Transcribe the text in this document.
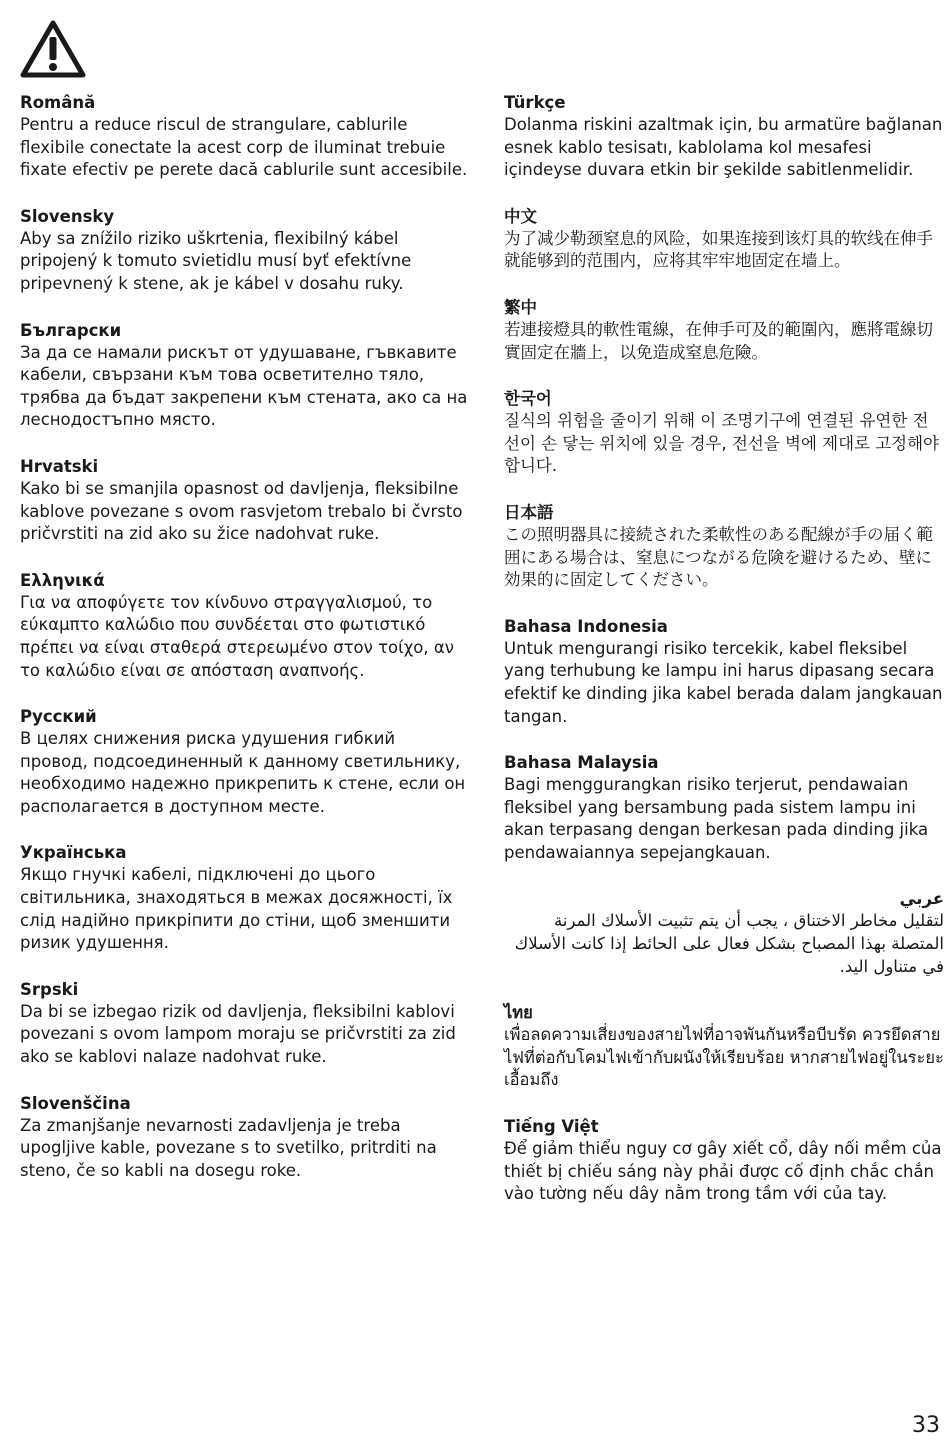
Română

Pentru a reduce riscul de strangulare, cablurile flexibile conectate la acest corp de iluminat trebuie fixate efectiv pe perete dacă cablurile sunt accesibile.

Slovensky

Aby sa znížilo riziko uškrtenia, flexibilný kábel pripojený k tomuto svietidlu musí byť efektívne pripevnený k stene, ak je kábel v dosahu ruky.

Български

За да се намали рискът от удушаване, гъвкавите кабели, свързани към това осветително тяло, трябва да бъдат закрепени към стената, ако са на леснодостъпно място.

Hrvatski

Kako bi se smanjila opasnost od davljenja, fleksibilne kablove povezane s ovom rasvjetom trebalo bi čvrsto pričvrstiti na zid ako su žice nadohvat ruke.

Ελληνικά

Για να αποφύγετε τον κίνδυνο στραγγαλισμού, το εύκαμπτο καλώδιο που συνδέεται στο φωτιστικό πρέπει να είναι σταθερά στερεωμένο στον τοίχο, αν το καλώδιο είναι σε απόσταση αναπνοής.

Русский

В целях снижения риска удушения гибкий провод, подсоединенный к данному светильнику, необходимо надежно прикрепить к стене, если он располагается в доступном месте.

Українська

Якщо гнучкі кабелі, підключені до цього світильника, знаходяться в межах досяжності, їх слід надійно прикріпити до стіни, щоб зменшити ризик удушення.

Srpski

Da bi se izbegao rizik od davljenja, fleksibilni kablovi povezani s ovom lampom moraju se pričvrstiti za zid ako se kablovi nalaze nadohvat ruke.

Slovenščina

Za zmanjšanje nevarnosti zadavljenja je treba upogljive kable, povezane s to svetilko, pritrditi na steno, če so kabli na dosegu roke.

Türkçe

Dolanma riskini azaltmak için, bu armatüre bağlanan esnek kablo tesisatı, kablolama kol mesafesi içindeyse duvara etkin bir şekilde sabitlenmelidir.

中文

为了减少勒颈窒息的风险，如果连接到该灯具的软线在伸手就能够到的范围内，应将其牢牢地固定在墙上。

繁中

若連接燈具的軟性電線，在伸手可及的範圍內，應將電線切實固定在牆上，以免造成窒息危險。

한국어

질식의 위험을 줄이기 위해 이 조명기구에 연결된 유연한 전선이 손 닿는 위치에 있을 경우, 전선을 벽에 제대로 고정해야 합니다.

日本語

この照明器具に接続された柔軟性のある配線が手の届く範囲にある場合は、窒息につながる危険を避けるため、壁に効果的に固定してください。

Bahasa Indonesia

Untuk mengurangi risiko tercekik, kabel fleksibel yang terhubung ke lampu ini harus dipasang secara efektif ke dinding jika kabel berada dalam jangkauan tangan.

Bahasa Malaysia

Bagi menggurangkan risiko terjerut, pendawaian fleksibel yang bersambung pada sistem lampu ini akan terpasang dengan berkesan pada dinding jika pendawaiannya sepejangkauan.

عربي

لتقليل مخاطر الاختناق ، يجب أن يتم تثبيت الأسلاك المرنة المتصلة بهذا المصباح بشكل فعال على الحائط إذا كانت الأسلاك في متناول اليد.

ไทย

เพื่อลดความเสี่ยงของสายไฟที่อาจพันกันหรือบีบรัด ควรยึดสายไฟที่ต่อกับโคมไฟเข้ากับผนังให้เรียบร้อย หากสายไฟอยู่ในระยะเอื้อมถึง

Tiếng Việt

Để giảm thiểu nguy cơ gây xiết cổ, dây nối mềm của thiết bị chiếu sáng này phải được cố định chắc chắn vào tường nếu dây nằm trong tầm với của tay.

33
